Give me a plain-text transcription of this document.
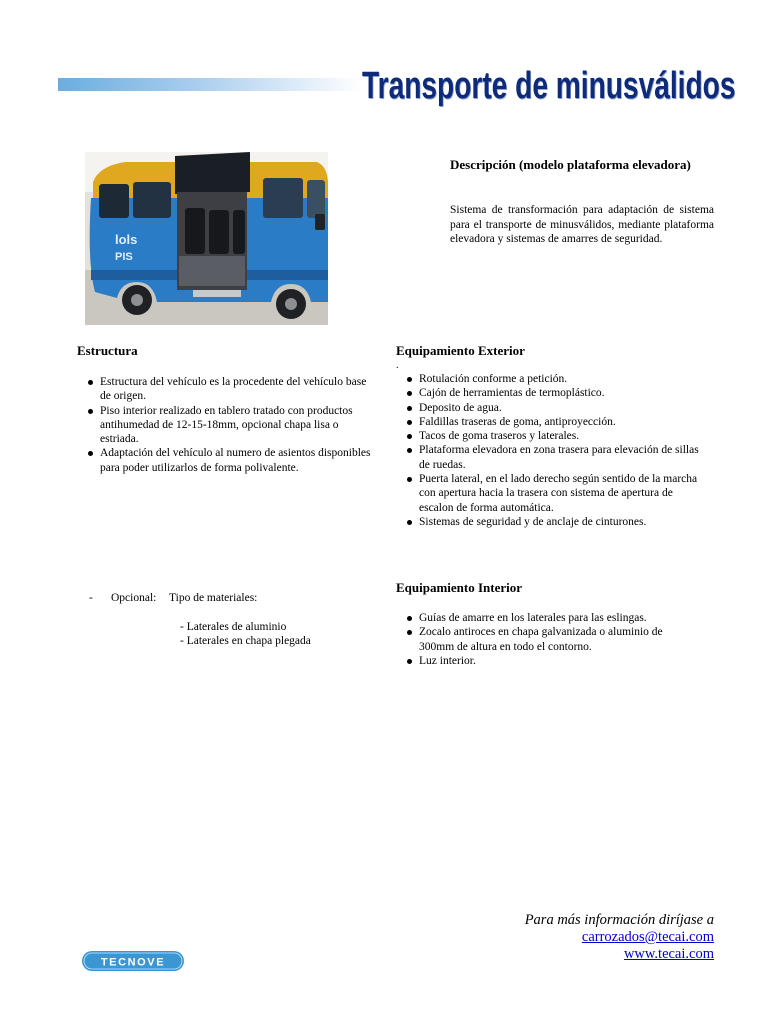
Transporte de minusválidos
lols
PIS
Descripción (modelo plataforma elevadora)

Sistema de transformación para adaptación de sistema para el transporte de minusválidos, mediante plataforma elevadora y sistemas de amarres de seguridad.

Estructura
Estructura del vehículo es la procedente del vehículo base de origen.
Piso interior realizado en tablero tratado con productos antihumedad de 12-15-18mm, opcional chapa lisa o estriada.
Adaptación del vehículo al numero de asientos disponibles para poder utilizarlos de forma polivalente.
Equipamiento Exterior
.
Rotulación conforme a petición.
Cajón de herramientas de termoplástico.
Deposito de agua.
Faldillas traseras de goma, antiproyección.
Tacos de goma traseros y laterales.
Plataforma elevadora en zona trasera para elevación de sillas de ruedas.
Puerta lateral, en el lado derecho según sentido de la marcha con apertura hacia la trasera con sistema de apertura de escalon de forma automática.
Sistemas de seguridad y de anclaje de cinturones.
- Opcional: Tipo de materiales:
- Laterales de aluminio
- Laterales en chapa plegada
Equipamiento Interior
Guías de amarre en los laterales para las eslingas.
Zocalo antiroces en chapa galvanizada o aluminio de 300mm de altura en todo el contorno.
Luz interior.
Para más información diríjase a
carrozados@tecai.com
www.tecai.com
TECNOVE
